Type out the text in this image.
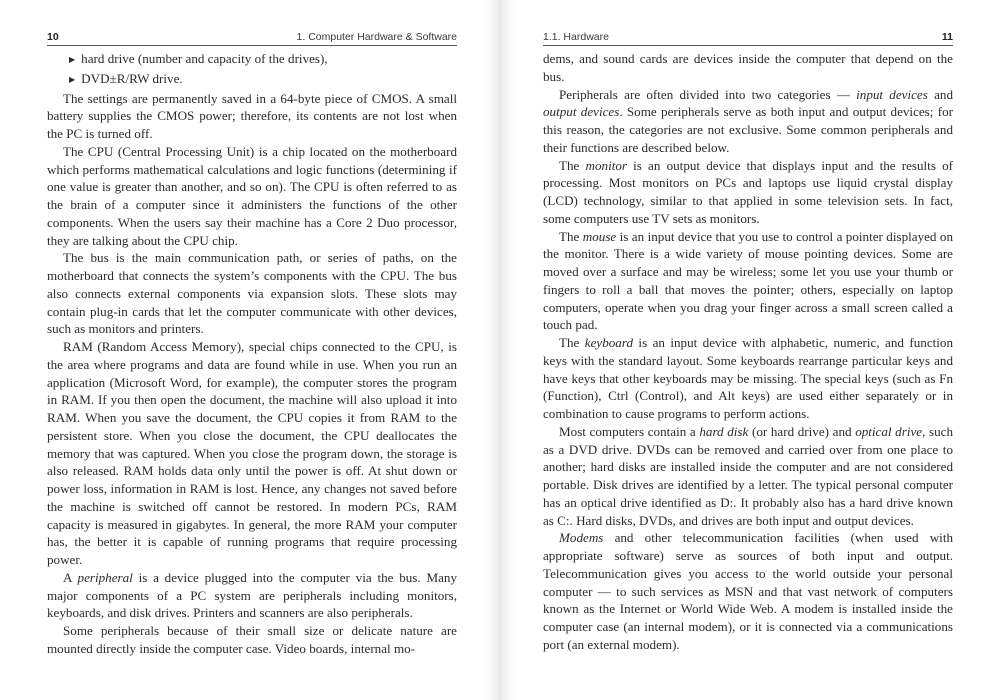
10	1. Computer Hardware & Software

▶ hard drive (number and capacity of the drives),

▶ DVD±R/RW drive.

The settings are permanently saved in a 64-byte piece of CMOS. A small battery supplies the CMOS power; therefore, its contents are not lost when the PC is turned off.

The CPU (Central Processing Unit) is a chip located on the motherboard which performs mathematical calculations and logic functions (determining if one value is greater than another, and so on). The CPU is often referred to as the brain of a computer since it administers the functions of the other components. When the users say their machine has a Core 2 Duo processor, they are talking about the CPU chip.

The bus is the main communication path, or series of paths, on the motherboard that connects the system’s components with the CPU. The bus also connects external components via expansion slots. These slots may contain plug-in cards that let the computer communicate with other devices, such as monitors and printers.

RAM (Random Access Memory), special chips connected to the CPU, is the area where programs and data are found while in use. When you run an application (Microsoft Word, for example), the computer stores the program in RAM. If you then open the document, the machine will also upload it into RAM. When you save the document, the CPU copies it from RAM to the persistent store. When you close the document, the CPU deallocates the memory that was captured. When you close the program down, the storage is also released. RAM holds data only until the power is off. At shut down or power loss, information in RAM is lost. Hence, any changes not saved before the machine is switched off cannot be restored. In modern PCs, RAM capacity is measured in gigabytes. In general, the more RAM your computer has, the better it is capable of running programs that require processing power.

A peripheral is a device plugged into the computer via the bus. Many major components of a PC system are peripherals including monitors, keyboards, and disk drives. Printers and scanners are also peripherals.

Some peripherals because of their small size or delicate nature are mounted directly inside the computer case. Video boards, internal mo-

1.1. Hardware	11

dems, and sound cards are devices inside the computer that depend on the bus.

Peripherals are often divided into two categories — input devices and output devices. Some peripherals serve as both input and output devices; for this reason, the categories are not exclusive. Some common peripherals and their functions are described below.

The monitor is an output device that displays input and the results of processing. Most monitors on PCs and laptops use liquid crystal display (LCD) technology, similar to that applied in some television sets. In fact, some computers use TV sets as monitors.

The mouse is an input device that you use to control a pointer displayed on the monitor. There is a wide variety of mouse pointing devices. Some are moved over a surface and may be wireless; some let you use your thumb or fingers to roll a ball that moves the pointer; others, especially on laptop computers, operate when you drag your finger across a small screen called a touch pad.

The keyboard is an input device with alphabetic, numeric, and function keys with the standard layout. Some keyboards rearrange particular keys and have keys that other keyboards may be missing. The special keys (such as Fn (Function), Ctrl (Control), and Alt keys) are used either separately or in combination to cause programs to perform actions.

Most computers contain a hard disk (or hard drive) and optical drive, such as a DVD drive. DVDs can be removed and carried over from one place to another; hard disks are installed inside the computer and are not considered portable. Disk drives are identified by a letter. The typical personal computer has an optical drive identified as D:. It probably also has a hard drive known as C:. Hard disks, DVDs, and drives are both input and output devices.

Modems and other telecommunication facilities (when used with appropriate software) serve as sources of both input and output. Telecommunication gives you access to the world outside your personal computer — to such services as MSN and that vast network of computers known as the Internet or World Wide Web. A modem is installed inside the computer case (an internal modem), or it is connected via a communications port (an external modem).
